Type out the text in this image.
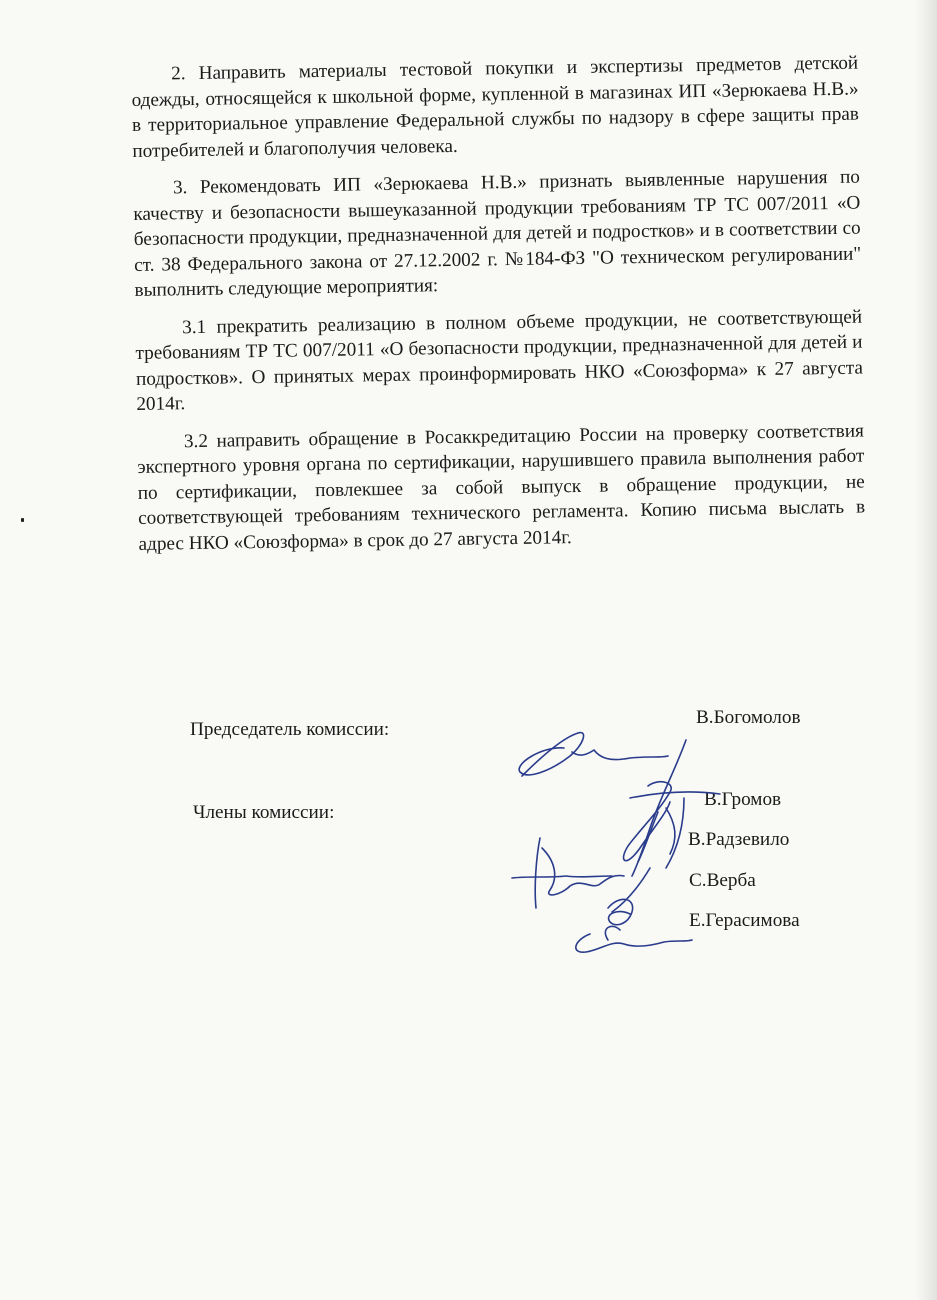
2. Направить материалы тестовой покупки и экспертизы предметов детской одежды, относящейся к школьной форме, купленной в магазинах ИП «Зерюкаева Н.В.» в территориальное управление Федеральной службы по надзору в сфере защиты прав потребителей и благополучия человека.

3. Рекомендовать ИП «Зерюкаева Н.В.» признать выявленные нарушения по качеству и безопасности вышеуказанной продукции требованиям ТР ТС 007/2011 «О безопасности продукции, предназначенной для детей и подростков» и в соответствии со ст. 38 Федерального закона от 27.12.2002 г. №184-ФЗ "О техническом регулировании" выполнить следующие мероприятия:

3.1 прекратить реализацию в полном объеме продукции, не соответствующей требованиям ТР ТС 007/2011 «О безопасности продукции, предназначенной для детей и подростков». О принятых мерах проинформировать НКО «Союзформа» к 27 августа 2014г.

3.2 направить обращение в Росаккредитацию России на проверку соответствия экспертного уровня органа по сертификации, нарушившего правила выполнения работ по сертификации, повлекшее за собой выпуск в обращение продукции, не соответствующей требованиям технического регламента. Копию письма выслать в адрес НКО «Союзформа» в срок до 27 августа 2014г.

Председатель комиссии:
В.Богомолов
Члены комиссии:
В.Громов
В.Радзевило
С.Верба
Е.Герасимова
